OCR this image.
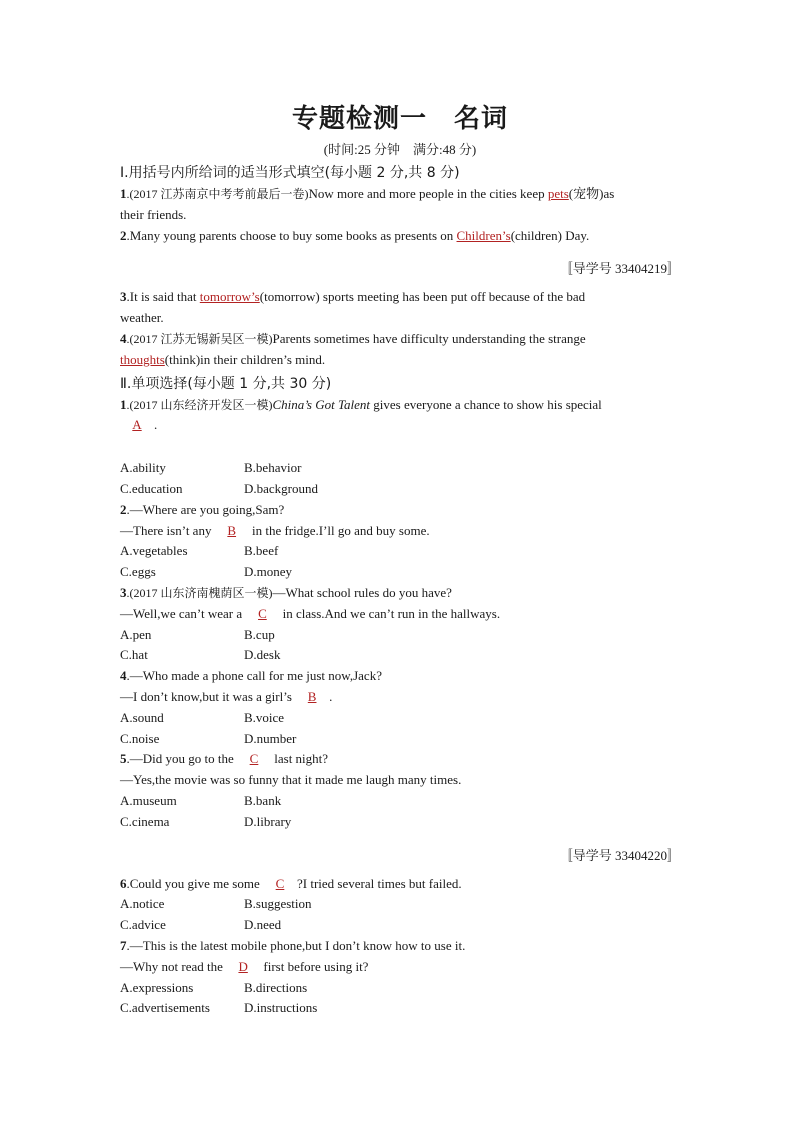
专题检测一　名词
(时间:25 分钟　满分:48 分)
Ⅰ.用括号内所给词的适当形式填空(每小题 2 分,共 8 分)
1.(2017 江苏南京中考考前最后一卷)Now more and more people in the cities keep pets(宠物)as
their friends.
2.Many young parents choose to buy some books as presents on Children’s(children) Day.
〚导学号 33404219〛
3.It is said that tomorrow’s(tomorrow) sports meeting has been put off because of the bad
weather.
4.(2017 江苏无锡新吴区一模)Parents sometimes have difficulty understanding the strange
thoughts(think)in their children’s mind.
Ⅱ.单项选择(每小题 1 分,共 30 分)
1.(2017 山东经济开发区一模)China’s Got Talent gives everyone a chance to show his special
A .
A.ability	B.behavior
C.education	D.background
2.—Where are you going,Sam?
—There isn’t any B in the fridge.I’ll go and buy some.
A.vegetables	B.beef
C.eggs	D.money
3.(2017 山东济南槐荫区一模)—What school rules do you have?
—Well,we can’t wear a C in class.And we can’t run in the hallways.
A.pen	B.cup
C.hat	D.desk
4.—Who made a phone call for me just now,Jack?
—I don’t know,but it was a girl’s B .
A.sound	B.voice
C.noise	D.number
5.—Did you go to the C last night?
—Yes,the movie was so funny that it made me laugh many times.
A.museum	B.bank
C.cinema	D.library
〚导学号 33404220〛
6.Could you give me some C ?I tried several times but failed.
A.notice	B.suggestion
C.advice	D.need
7.—This is the latest mobile phone,but I don’t know how to use it.
—Why not read the D first before using it?
A.expressions	B.directions
C.advertisements	D.instructions
